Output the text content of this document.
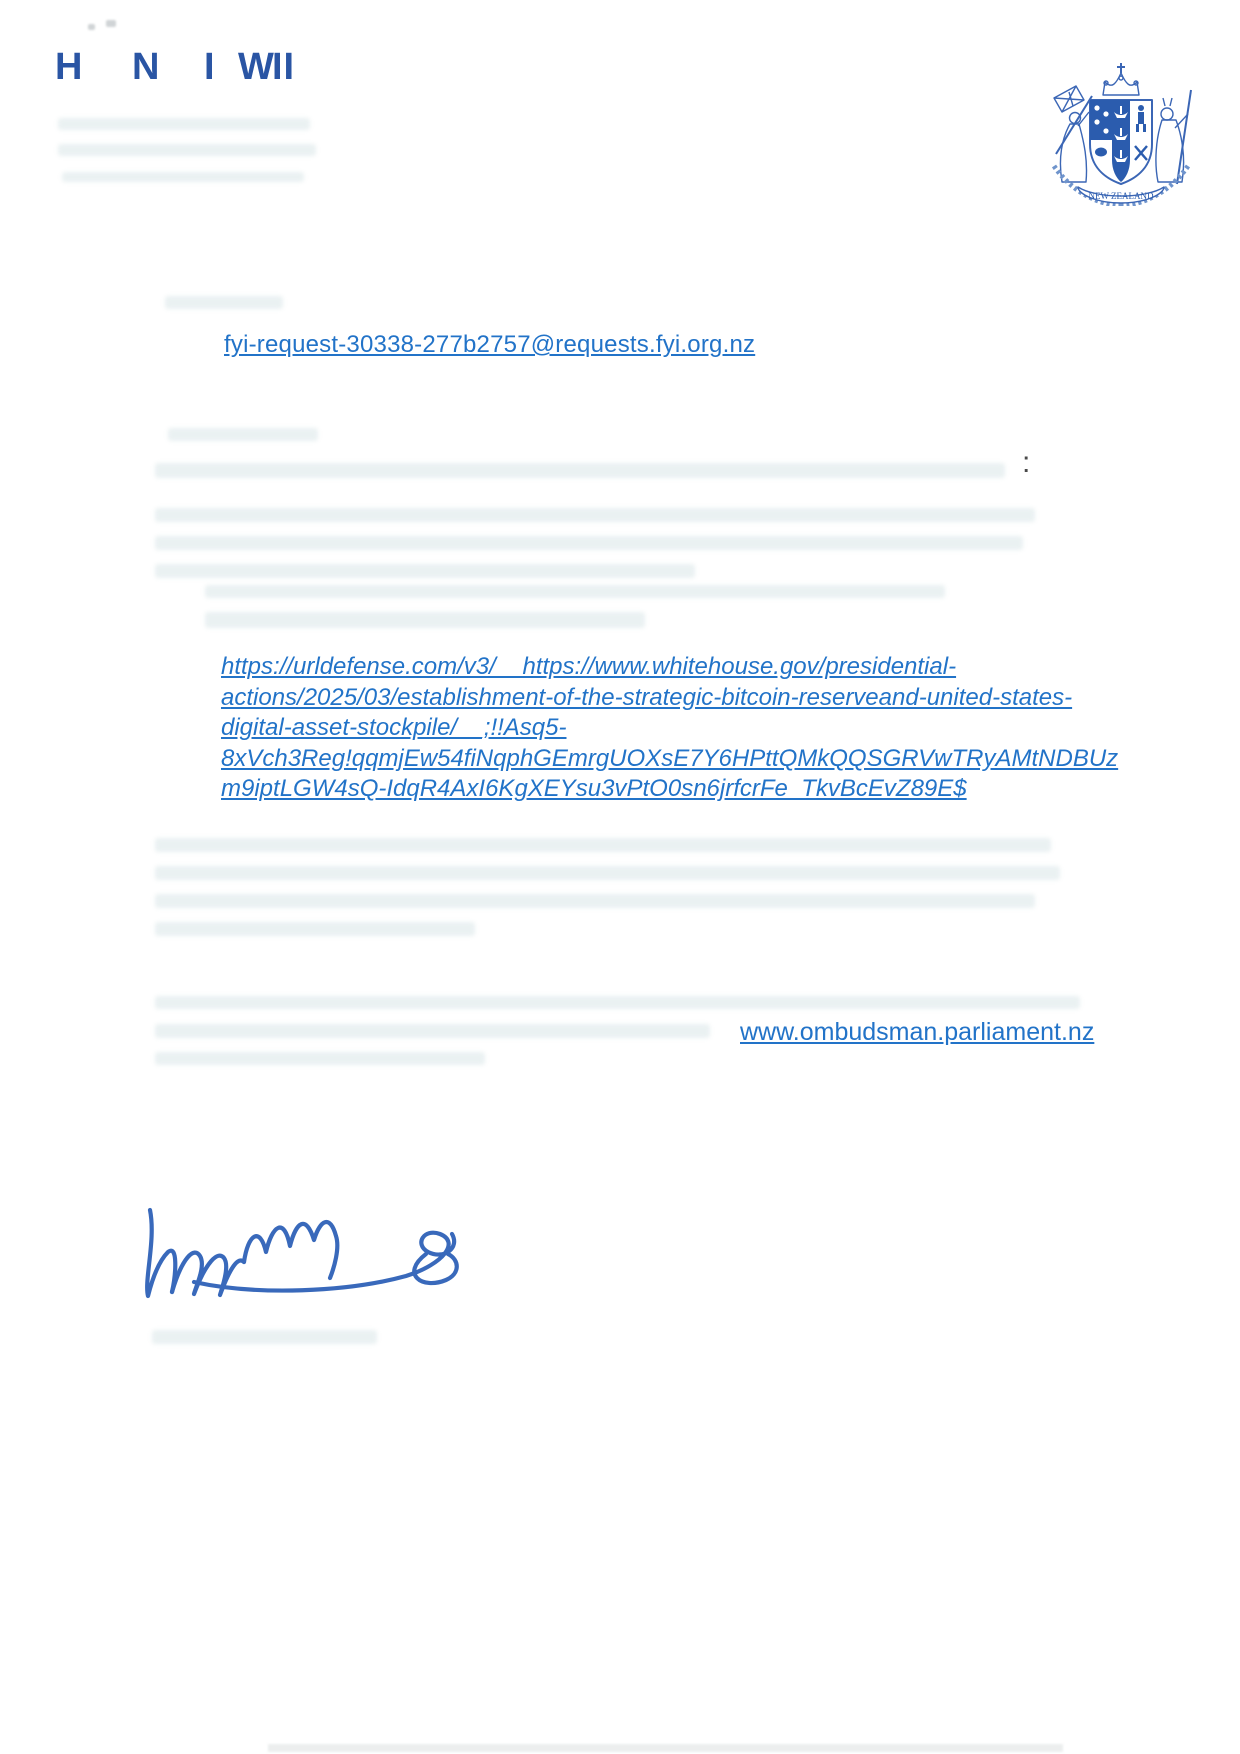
H N I W
II
NEW ZEALAND
fyi-request-30338-277b2757@requests.fyi.org.nz
:
https://urldefense.com/v3/__https://www.whitehouse.gov/presidential-
actions/2025/03/establishment-of-the-strategic-bitcoin-reserveand-united-states-
digital-asset-stockpile/__;!!Asq5-
8xVch3Reg!qqmjEw54fiNqphGEmrgUOXsE7Y6HPttQMkQQSGRVwTRyAMtNDBUz
m9iptLGW4sQ-IdqR4AxI6KgXEYsu3vPtO0sn6jrfcrFe_TkvBcEvZ89E$
www.ombudsman.parliament.nz
